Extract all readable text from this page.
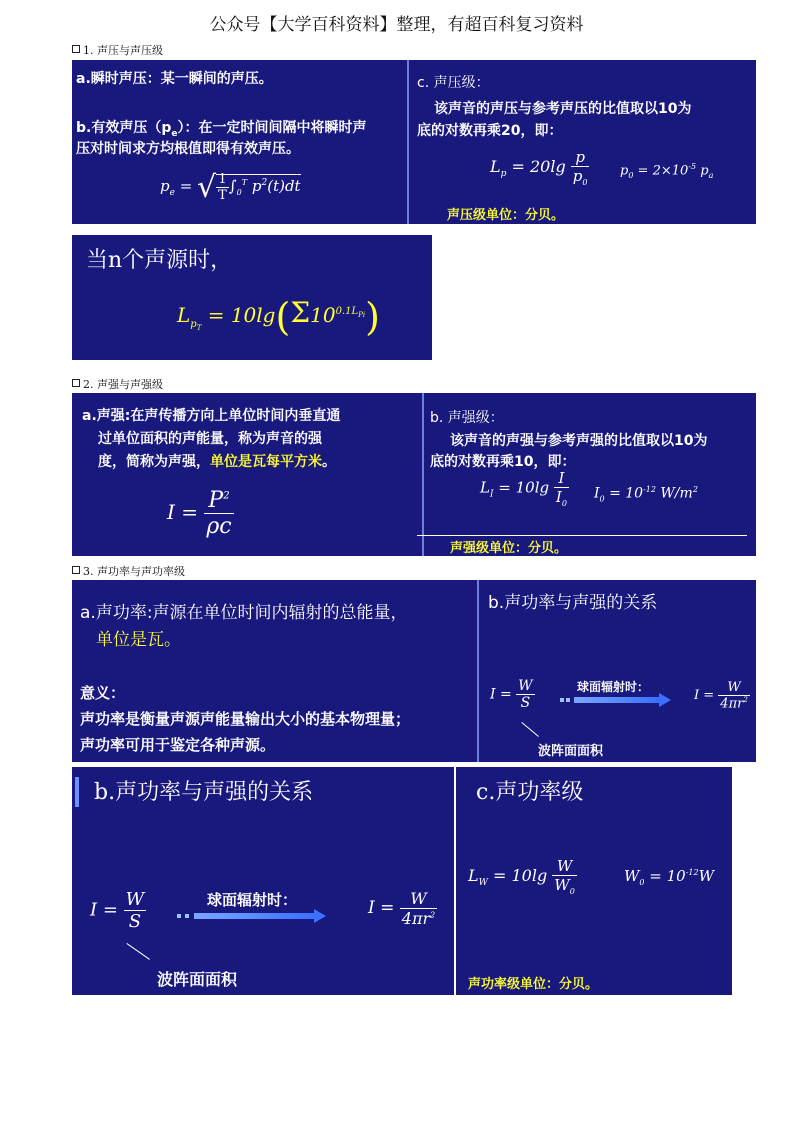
公众号【大学百科资料】整理，有超百科复习资料
1. 声压与声压级
a.瞬时声压：某一瞬间的声压。
b.有效声压$(p_e)$：在一定时间间隔中将瞬时声
压对时间求方均根值即得有效声压。
$p_e$ = √ $\frac{1}{T} \int_0^T$ $p^2(t)dt$
c. 声压级：
该声音的声压与参考声压的比值取以10为
底的对数再乘20，即：
$L_p = 20\lg \frac{p}{p_0} p_0 = 2\times 10^{-5}$ $p_a$
声压级单位：分贝。
当n个声源时，
$L_{p_T} = 10\lg(\Sigma 10^{0.1L_{Pi}})$
2. 声强与声强级
a.声强:在声传播方向上单位时间内垂直通
过单位面积的声能量，称为声音的强
度，简称为声强，单位是瓦每平方米。
$I = \frac{P^2}{\rho c}$
b. 声强级：
该声音的声强与参考声强的比值取以10为
底的对数再乘10，即：
$L_I = 10\lg \frac{I}{I_0} I_0 = 10^{-12}$ $W/m^2$
声强级单位：分贝。
3. 声功率与声功率级
a.声功率:声源在单位时间内辐射的总能量，
单位是瓦。
意义：
声功率是衡量声源声能量输出大小的基本物理量；
声功率可用于鉴定各种声源。
b.声功率与声强的关系
$I = \frac{W}{S}$	球面辐射时：
$I = \frac{W}{4\pi r^2}$
波阵面面积
b.声功率与声强的关系
$I = \frac{W}{S}$	球面辐射时：	$I = \frac{W}{4\pi r^2}$
波阵面面积
c.声功率级
$L_W = 10\lg \frac{W}{W_0}$	$W_0 = 10^{-12}W$
声功率级单位：分贝。
